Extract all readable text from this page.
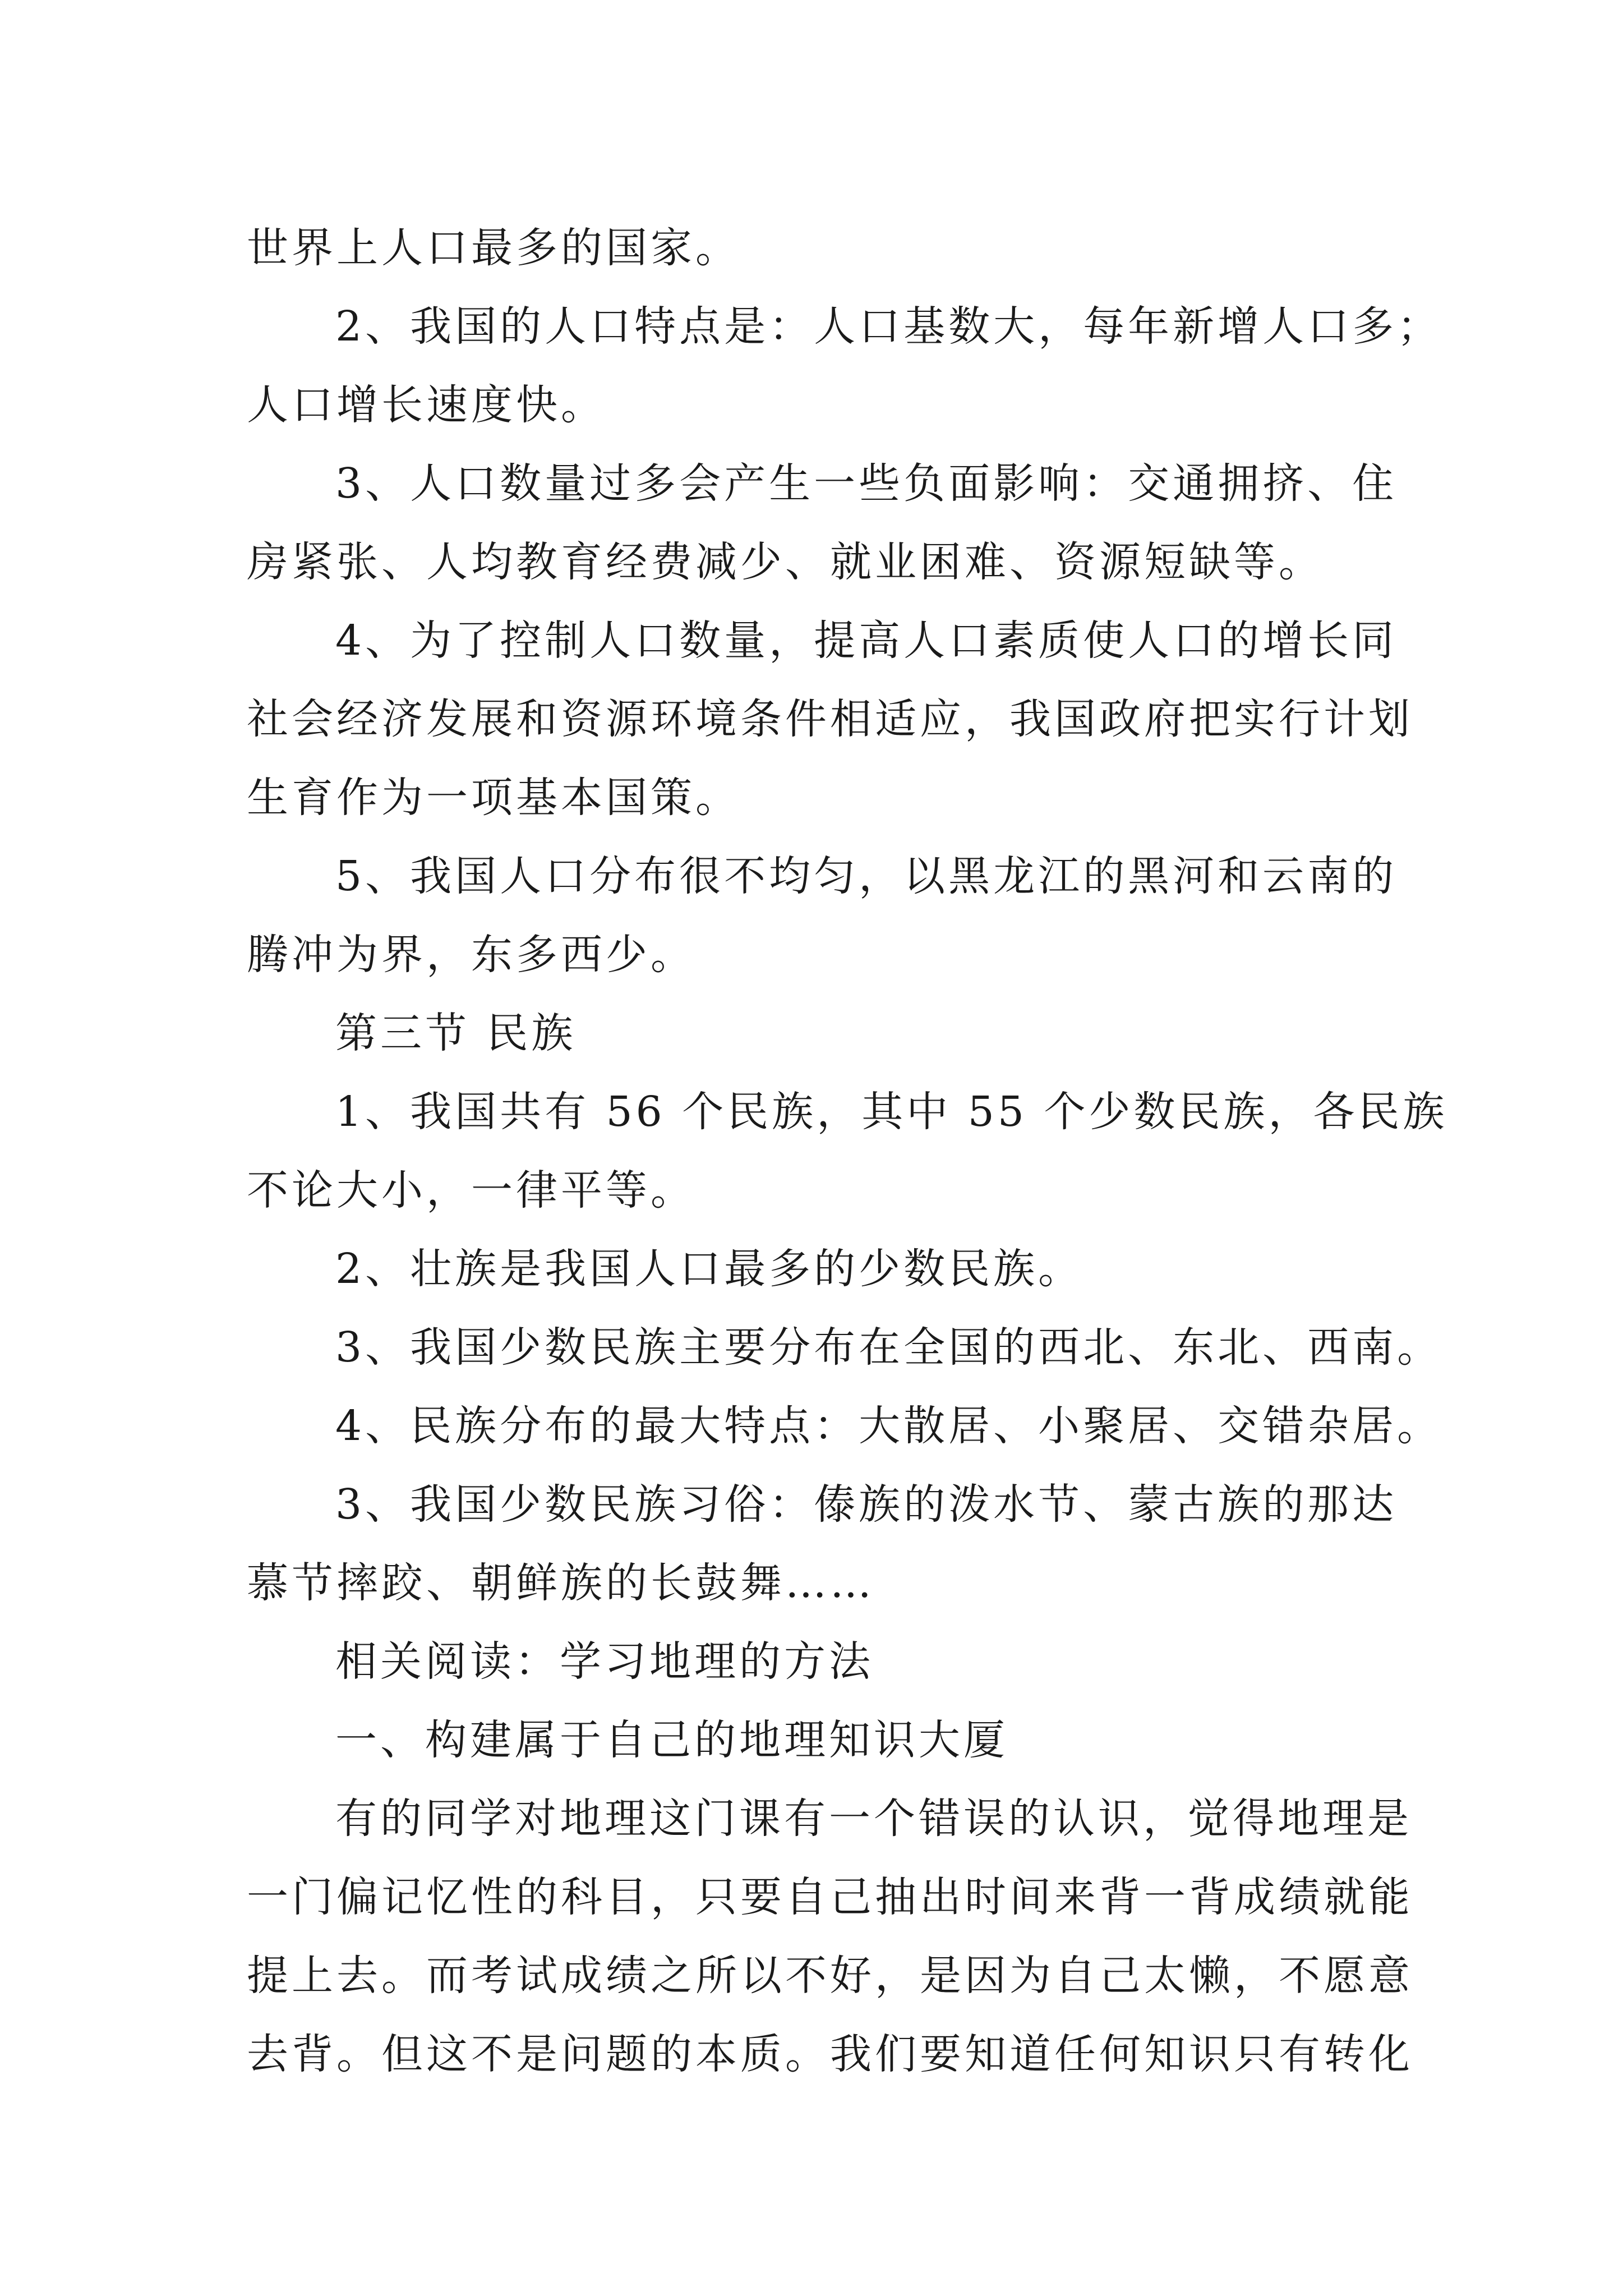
世界上人口最多的国家。
2、我国的人口特点是：人口基数大，每年新增人口多；
人口增长速度快。
3、人口数量过多会产生一些负面影响：交通拥挤、住
房紧张、人均教育经费减少、就业困难、资源短缺等。
4、为了控制人口数量，提高人口素质使人口的增长同
社会经济发展和资源环境条件相适应，我国政府把实行计划
生育作为一项基本国策。
5、我国人口分布很不均匀，以黑龙江的黑河和云南的
腾冲为界，东多西少。
第三节 民族
1、我国共有 56 个民族，其中 55 个少数民族，各民族
不论大小，一律平等。
2、壮族是我国人口最多的少数民族。
3、我国少数民族主要分布在全国的西北、东北、西南。
4、民族分布的最大特点：大散居、小聚居、交错杂居。
3、我国少数民族习俗：傣族的泼水节、蒙古族的那达
慕节摔跤、朝鲜族的长鼓舞……
相关阅读：学习地理的方法
一、构建属于自己的地理知识大厦
有的同学对地理这门课有一个错误的认识，觉得地理是
一门偏记忆性的科目，只要自己抽出时间来背一背成绩就能
提上去。而考试成绩之所以不好，是因为自己太懒，不愿意
去背。但这不是问题的本质。我们要知道任何知识只有转化
